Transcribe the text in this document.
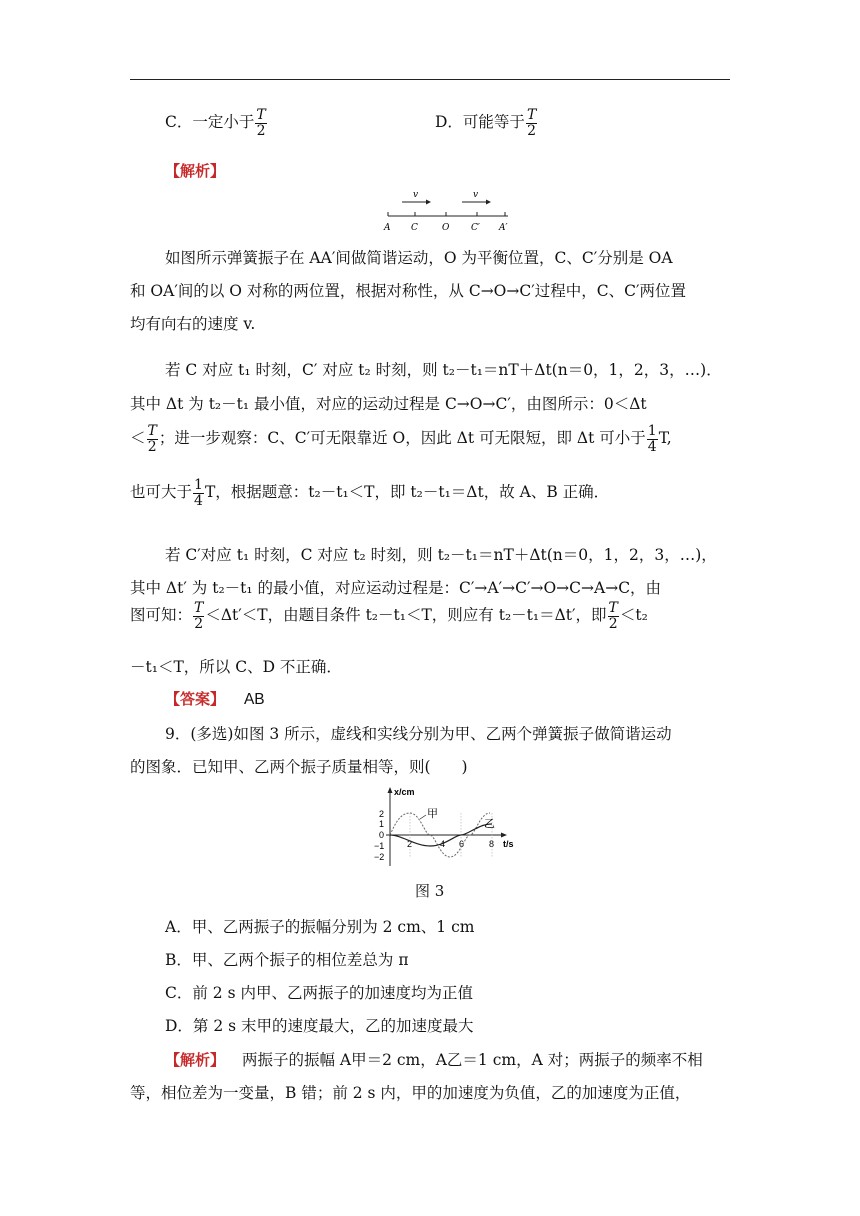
C．一定小于 $\frac{T}{2}$	D．可能等于 $\frac{T}{2}$
【解析】
v	v
A C	O C′ A′
如图所示弹簧振子在 AA′间做简谐运动，O 为平衡位置，C、C′分别是 OA
和 OA′间的以 O 对称的两位置，根据对称性，从 C→O→C′过程中，C、C′两位置
均有向右的速度 v.
若 C 对应 t₁ 时刻，C′ 对应 t₂ 时刻，则 t₂－t₁＝nT＋Δt(n＝0，1，2，3，…)．
其中 Δt 为 t₂－t₁ 最小值，对应的运动过程是 C→O→C′，由图所示：0＜Δt
＜ $\frac{T}{2}$ ；进一步观察：C、C′可无限靠近 O，因此 Δt 可无限短，即 Δt 可小于 $\frac{1}{4} T$,
也可大于 $\frac{1}{4}$ T，根据题意：t₂－t₁＜T，即 t₂－t₁＝Δt，故 A、B 正确．
若 C′对应 t₁ 时刻，C 对应 t₂ 时刻，则 t₂－t₁＝nT＋Δt(n＝0，1，2，3，…)，
其中 Δt′ 为 t₂－t₁ 的最小值，对应运动过程是：C′→A′→C′→O→C→A→C，由
图可知： $\frac{T}{2} <\Delta t'<T$，由题目条件 t₂－t₁＜T，则应有 t₂－t₁＝Δt′，即 $\frac{T}{2} <t_2$
－t₁＜T，所以 C、D 不正确．
【答案】 AB
9．(多选)如图 3 所示，虚线和实线分别为甲、乙两个弹簧振子做简谐运动
的图象．已知甲、乙两个振子质量相等，则(　　)
x/cm
t/s
2
1
0
−1
−2
2	4 6	8
甲
乙
图 3
A．甲、乙两振子的振幅分别为 2 cm、1 cm
B．甲、乙两个振子的相位差总为 π
C．前 2 s 内甲、乙两振子的加速度均为正值
D．第 2 s 末甲的速度最大，乙的加速度最大
【解析】 两振子的振幅 A甲＝2 cm，A乙＝1 cm，A 对；两振子的频率不相
等，相位差为一变量，B 错；前 2 s 内，甲的加速度为负值，乙的加速度为正值，
